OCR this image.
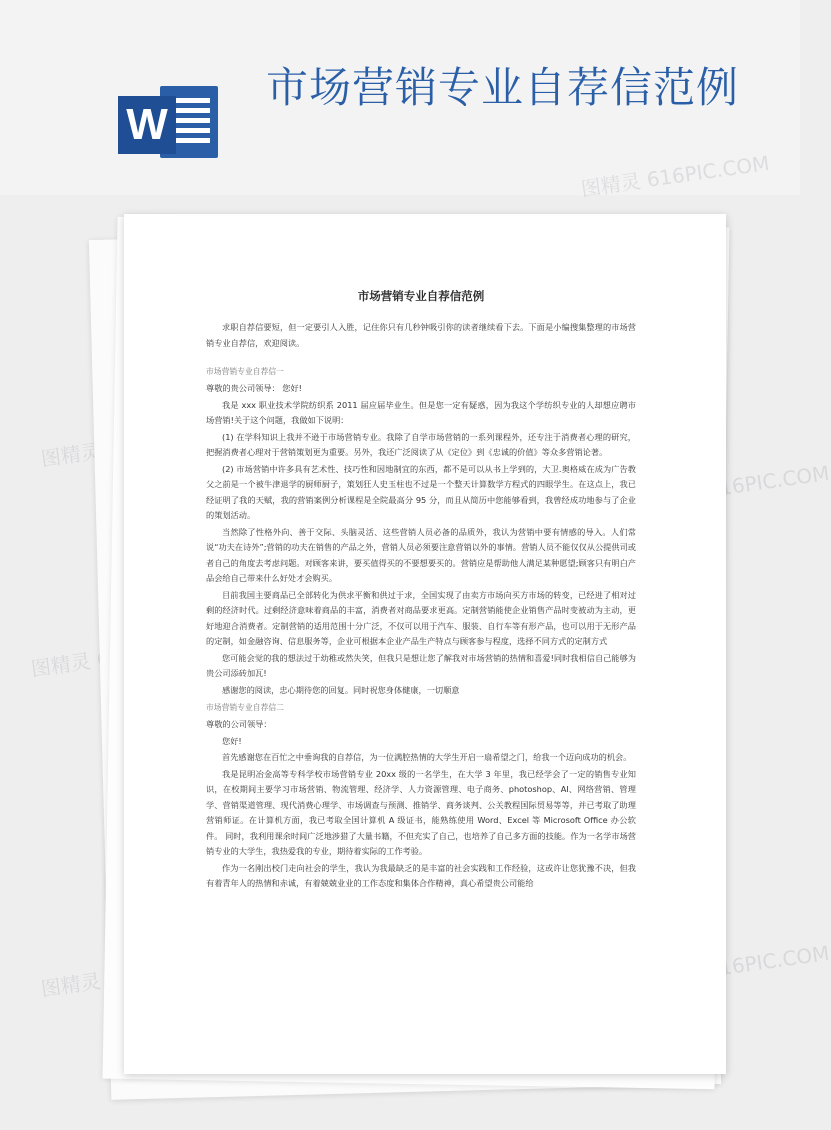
W
市场营销专业自荐信范例
图精灵
图精灵 616PIC.COM
图精灵
图精灵 616PIC.COM
图精灵
市场营销专业自荐信范例

求职自荐信要短，但一定要引人入胜，记住你只有几秒钟吸引你的读者继续看下去。下面是小编搜集整理的市场营销专业自荐信，欢迎阅读。

市场营销专业自荐信一

尊敬的贵公司领导： 您好!

我是 xxx 职业技术学院纺织系 2011 届应届毕业生。但是您一定有疑惑，因为我这个学纺织专业的人却想应聘市场营销!关于这个问题，我做如下说明：

(1) 在学科知识上我并不逊于市场营销专业。我除了自学市场营销的一系列课程外，还专注于消费者心理的研究，把握消费者心理对于营销策划更为重要。另外，我还广泛阅读了从《定位》到《忠诚的价值》等众多营销论著。

(2) 市场营销中许多具有艺术性、技巧性和因地制宜的东西，都不是可以从书上学到的，大卫.奥格威在成为广告教父之前是一个被牛津退学的厨师厨子，策划狂人史玉柱也不过是一个整天计算数学方程式的四眼学生。在这点上，我已经证明了我的天赋，我的营销案例分析课程是全院最高分 95 分，而且从简历中您能够看到，我曾经成功地参与了企业的策划活动。

当然除了性格外向、善于交际、头脑灵活、这些营销人员必备的品质外，我认为营销中要有情感的导入。人们常说“功夫在诗外”;营销的功夫在销售的产品之外，营销人员必须要注意营销以外的事情。营销人员不能仅仅从公提供司或者自己的角度去考虑问题。对顾客来讲，要买值得买的不要想要买的。营销应是帮助他人满足某种愿望;顾客只有明白产品会给自己带来什么好处才会购买。

目前我国主要商品已全部转化为供求平衡和供过于求，全国实现了由卖方市场向买方市场的转变，已经进了相对过剩的经济时代。过剩经济意味着商品的丰富，消费者对商品要求更高。定制营销能使企业销售产品时变被动为主动，更好地迎合消费者。定制营销的适用范围十分广泛，不仅可以用于汽车、服装、自行车等有形产品，也可以用于无形产品的定制，如金融咨询、信息服务等，企业可根据本企业产品生产特点与顾客参与程度，选择不同方式的定制方式

您可能会觉的我的想法过于幼稚或然失笑，但我只是想让您了解我对市场营销的热情和喜爱!同时我相信自己能够为贵公司添砖加瓦!

感谢您的阅读，忠心期待您的回复。同时祝您身体健康，一切顺意

市场营销专业自荐信二

尊敬的公司领导：

您好!

首先感谢您在百忙之中垂询我的自荐信，为一位满腔热情的大学生开启一扇希望之门，给我一个迈向成功的机会。

我是昆明冶金高等专科学校市场营销专业 20xx 级的一名学生，在大学 3 年里，我已经学会了一定的销售专业知识，在校期间主要学习市场营销、物流管理、经济学、人力资源管理、电子商务、photoshop、AI、网络营销、管理学、营销渠道管理、现代消费心理学、市场调查与预测、推销学、商务谈判、公关教程国际贸易等等，并已考取了助理营销师证。在计算机方面，我已考取全国计算机 A 级证书，能熟练使用 Word、Excel 等 Microsoft Office 办公软件。 同时，我利用课余时间广泛地涉猎了大量书籍，不但充实了自己，也培养了自己多方面的技能。作为一名学市场营销专业的大学生，我热爱我的专业，期待着实际的工作考验。

作为一名刚出校门走向社会的学生，我认为我最缺乏的是丰富的社会实践和工作经验，这或许让您犹豫不决，但我有着青年人的热情和赤诚，有着兢兢业业的工作态度和集体合作精神，真心希望贵公司能给
